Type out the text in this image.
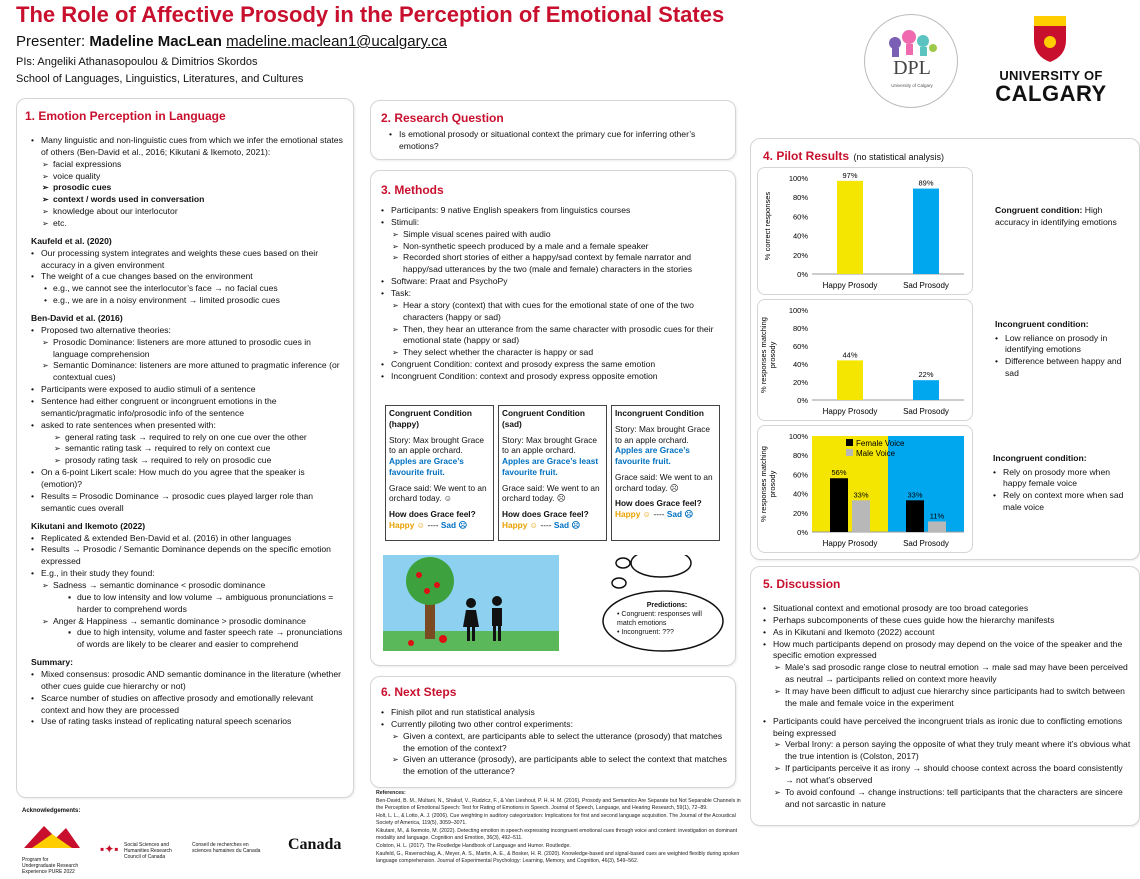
The Role of Affective Prosody in the Perception of Emotional States
Presenter: Madeline MacLean madeline.maclean1@ucalgary.ca
PIs: Angeliki Athanasopoulou & Dimitrios Skordos
School of Languages, Linguistics, Literatures, and Cultures	DPL
University of Calgary
UNIVERSITY OF
CALGARY
1. Emotion Perception in Language
• Many linguistic and non-linguistic cues from which we infer the emotional states of others (Ben-David et al., 2016; Kikutani & Ikemoto, 2021):
➢ facial expressions
➢ voice quality
➢ prosodic cues
➢ context / words used in conversation
➢ knowledge about our interlocutor
➢ etc.
Kaufeld et al. (2020)
• Our processing system integrates and weights these cues based on their accuracy in a given environment
• The weight of a cue changes based on the environment
• e.g., we cannot see the interlocutor’s face → no facial cues
• e.g., we are in a noisy environment → limited prosodic cues
Ben-David et al. (2016)
• Proposed two alternative theories:
➢ Prosodic Dominance: listeners are more attuned to prosodic cues in language comprehension
➢ Semantic Dominance: listeners are more attuned to pragmatic inference (or contextual cues)
• Participants were exposed to audio stimuli of a sentence
• Sentence had either congruent or incongruent emotions in the semantic/pragmatic info/prosodic info of the sentence
• asked to rate sentences when presented with:
➢ general rating task → required to rely on one cue over the other
➢ semantic rating task → required to rely on context cue
➢ prosody rating task → required to rely on prosodic cue
• On a 6-point Likert scale: How much do you agree that the speaker is (emotion)?
• Results = Prosodic Dominance → prosodic cues played larger role than semantic cues overall
Kikutani and Ikemoto (2022)
• Replicated & extended Ben-David et al. (2016) in other languages
• Results → Prosodic / Semantic Dominance depends on the specific emotion expressed
• E.g., in their study they found:
➢ Sadness → semantic dominance < prosodic dominance
▪ due to low intensity and low volume → ambiguous pronunciations = harder to comprehend words
➢ Anger & Happiness → semantic dominance > prosodic dominance
▪ due to high intensity, volume and faster speech rate → pronunciations of words are likely to be clearer and easier to comprehend
Summary:
• Mixed consensus: prosodic AND semantic dominance in the literature (whether other cues guide cue hierarchy or not)
• Scarce number of studies on affective prosody and emotionally relevant context and how they are processed
• Use of rating tasks instead of replicating natural speech scenarios
2. Research Question
• Is emotional prosody or situational context the primary cue for inferring other’s emotions?
3. Methods
• Participants: 9 native English speakers from linguistics courses
• Stimuli:
➢ Simple visual scenes paired with audio
➢ Non-synthetic speech produced by a male and a female speaker
➢ Recorded short stories of either a happy/sad context by female narrator and happy/sad utterances by the two (male and female) characters in the stories
• Software: Praat and PsychoPy
• Task:
➢ Hear a story (context) that with cues for the emotional state of one of the two characters (happy or sad)
➢ Then, they hear an utterance from the same character with prosodic cues for their emotional state (happy or sad)
➢ They select whether the character is happy or sad
• Congruent Condition: context and prosody express the same emotion
• Incongruent Condition: context and prosody express opposite emotion
Congruent Condition (happy)
Story: Max brought Grace to an apple orchard.
Apples are Grace’s favourite fruit.
Grace said: We went to an orchard today. ☺
How does Grace feel?
Happy ☺ ---- Sad ☹
Congruent Condition (sad)
Story: Max brought Grace to an apple orchard.
Apples are Grace’s least favourite fruit.
Grace said: We went to an orchard today. ☹
How does Grace feel?
Happy ☺ ---- Sad ☹
Incongruent Condition
Story: Max brought Grace to an apple orchard.
Apples are Grace’s favourite fruit.
Grace said: We went to an orchard today. ☹
How does Grace feel?
Happy ☺ ---- Sad ☹
Predictions:
• Congruent: responses will match emotions
• Incongruent: ???
6. Next Steps
• Finish pilot and run statistical analysis
• Currently piloting two other control experiments:
➢ Given a context, are participants able to select the utterance (prosody) that matches the emotion of the context?
➢ Given an utterance (prosody), are participants able to select the context that matches the emotion of the utterance?
References:
Ben-David, B. M., Multani, N., Shakuf, V., Rudzicz, F., & Van Lieshout, P. H. H. M. (2016). Prosody and Semantics Are Separate but Not Separable Channels in the Perception of Emotional Speech: Test for Rating of Emotions in Speech. Journal of Speech, Language, and Hearing Research, 59(1), 72–89.
Holt, L. L., & Lotto, A. J. (2006). Cue weighting in auditory categorization: Implications for first and second language acquisition. The Journal of the Acoustical Society of America, 119(5), 3059–3071.
Kikutani, M., & Ikemoto, M. (2022). Detecting emotion in speech expressing incongruent emotional cues through voice and content: investigation on dominant modality and language. Cognition and Emotion, 36(3), 492–511.
Colston, H. L. (2017). The Routledge Handbook of Language and Humor. Routledge.
Kaufeld, G., Ravenschlag, A., Meyer, A. S., Martin, A. E., & Bosker, H. R. (2020). Knowledge-based and signal-based cues are weighted flexibly during spoken language comprehension. Journal of Experimental Psychology: Learning, Memory, and Cognition, 46(3), 549–562.
Acknowledgements:
Program for Undergraduate Research Experience PURE 2022
▪✦▪ Social Sciences and Humanities Research Council of Canada
Conseil de recherches en sciences humaines du Canada Canada
4. Pilot Results (no statistical analysis)
0%
20%
40%
60%
80%
100%
% correct responses
Happy Prosody	Sad Prosody
97%
89%
0%
20%
40%
60%
80%
100%
% responses matchingprosody
Happy Prosody	Sad Prosody
44%
22%
0%
20%
40%
60%
80%
100%
% responses matchingprosody
Happy Prosody	Sad Prosody
56%
33%
33%
11%
Female Voice
Male Voice
Congruent condition: High accuracy in identifying emotions
Incongruent condition:
• Low reliance on prosody in identifying emotions
• Difference between happy and sad
Incongruent condition:
• Rely on prosody more when happy female voice
• Rely on context more when sad male voice
5. Discussion
• Situational context and emotional prosody are too broad categories
• Perhaps subcomponents of these cues guide how the hierarchy manifests
• As in Kikutani and Ikemoto (2022) account
• How much participants depend on prosody may depend on the voice of the speaker and the specific emotion expressed
➢ Male’s sad prosodic range close to neutral emotion → male sad may have been perceived as neutral → participants relied on context more heavily
➢ It may have been difficult to adjust cue hierarchy since participants had to switch between the male and female voice in the experiment
• Participants could have perceived the incongruent trials as ironic due to conflicting emotions being expressed
➢ Verbal Irony: a person saying the opposite of what they truly meant where it’s obvious what the true intention is (Colston, 2017)
➢ If participants perceive it as irony → should choose context across the board consistently → not what’s observed
➢ To avoid confound → change instructions: tell participants that the characters are sincere and not sarcastic in nature
